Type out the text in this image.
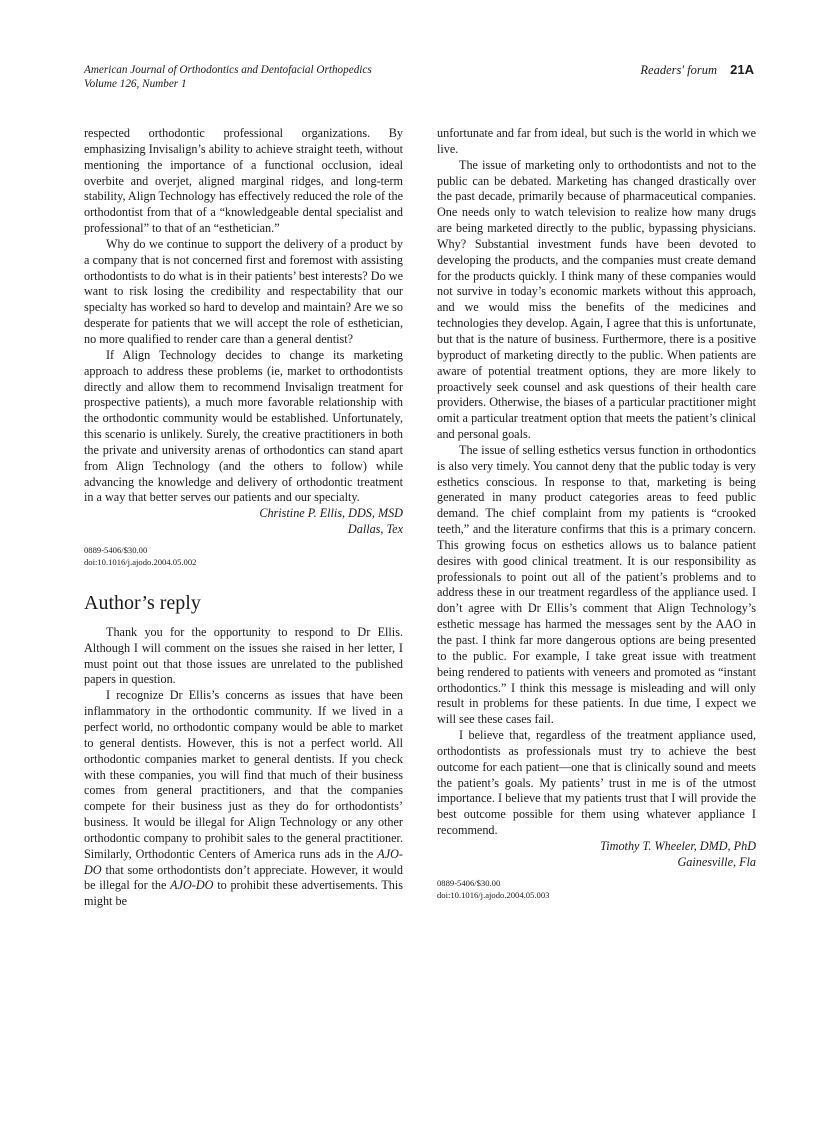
American Journal of Orthodontics and Dentofacial Orthopedics
Volume 126, Number 1
Readers' forum 21A

respected orthodontic professional organizations. By emphasizing Invisalign’s ability to achieve straight teeth, without mentioning the importance of a functional occlusion, ideal overbite and overjet, aligned marginal ridges, and long-term stability, Align Technology has effectively reduced the role of the orthodontist from that of a “knowledgeable dental specialist and professional” to that of an “esthetician.”

Why do we continue to support the delivery of a product by a company that is not concerned first and foremost with assisting orthodontists to do what is in their patients’ best interests? Do we want to risk losing the credibility and respectability that our specialty has worked so hard to develop and maintain? Are we so desperate for patients that we will accept the role of esthetician, no more qualified to render care than a general dentist?

If Align Technology decides to change its marketing approach to address these problems (ie, market to orthodontists directly and allow them to recommend Invisalign treatment for prospective patients), a much more favorable relationship with the orthodontic community would be established. Unfortunately, this scenario is unlikely. Surely, the creative practitioners in both the private and university arenas of orthodontics can stand apart from Align Technology (and the others to follow) while advancing the knowledge and delivery of orthodontic treatment in a way that better serves our patients and our specialty.

Christine P. Ellis, DDS, MSD
Dallas, Tex
0889-5406/$30.00
doi:10.1016/j.ajodo.2004.05.002
Author’s reply

Thank you for the opportunity to respond to Dr Ellis. Although I will comment on the issues she raised in her letter, I must point out that those issues are unrelated to the published papers in question.

I recognize Dr Ellis’s concerns as issues that have been inflammatory in the orthodontic community. If we lived in a perfect world, no orthodontic company would be able to market to general dentists. However, this is not a perfect world. All orthodontic companies market to general dentists. If you check with these companies, you will find that much of their business comes from general practitioners, and that the companies compete for their business just as they do for orthodontists’ business. It would be illegal for Align Technology or any other orthodontic company to prohibit sales to the general practitioner. Similarly, Orthodontic Centers of America runs ads in the AJO-DO that some orthodontists don’t appreciate. However, it would be illegal for the AJO-DO to prohibit these advertisements. This might be

unfortunate and far from ideal, but such is the world in which we live.

The issue of marketing only to orthodontists and not to the public can be debated. Marketing has changed drastically over the past decade, primarily because of pharmaceutical companies. One needs only to watch television to realize how many drugs are being marketed directly to the public, bypassing physicians. Why? Substantial investment funds have been devoted to developing the products, and the companies must create demand for the products quickly. I think many of these companies would not survive in today’s economic markets without this approach, and we would miss the benefits of the medicines and technologies they develop. Again, I agree that this is unfortunate, but that is the nature of business. Furthermore, there is a positive byproduct of marketing directly to the public. When patients are aware of potential treatment options, they are more likely to proactively seek counsel and ask questions of their health care providers. Otherwise, the biases of a particular practitioner might omit a particular treatment option that meets the patient’s clinical and personal goals.

The issue of selling esthetics versus function in orthodontics is also very timely. You cannot deny that the public today is very esthetics conscious. In response to that, marketing is being generated in many product categories areas to feed public demand. The chief complaint from my patients is “crooked teeth,” and the literature confirms that this is a primary concern. This growing focus on esthetics allows us to balance patient desires with good clinical treatment. It is our responsibility as professionals to point out all of the patient’s problems and to address these in our treatment regardless of the appliance used. I don’t agree with Dr Ellis’s comment that Align Technology’s esthetic message has harmed the messages sent by the AAO in the past. I think far more dangerous options are being presented to the public. For example, I take great issue with treatment being rendered to patients with veneers and promoted as “instant orthodontics.” I think this message is misleading and will only result in problems for these patients. In due time, I expect we will see these cases fail.

I believe that, regardless of the treatment appliance used, orthodontists as professionals must try to achieve the best outcome for each patient—one that is clinically sound and meets the patient’s goals. My patients’ trust in me is of the utmost importance. I believe that my patients trust that I will provide the best outcome possible for them using whatever appliance I recommend.

Timothy T. Wheeler, DMD, PhD
Gainesville, Fla
0889-5406/$30.00
doi:10.1016/j.ajodo.2004.05.003
